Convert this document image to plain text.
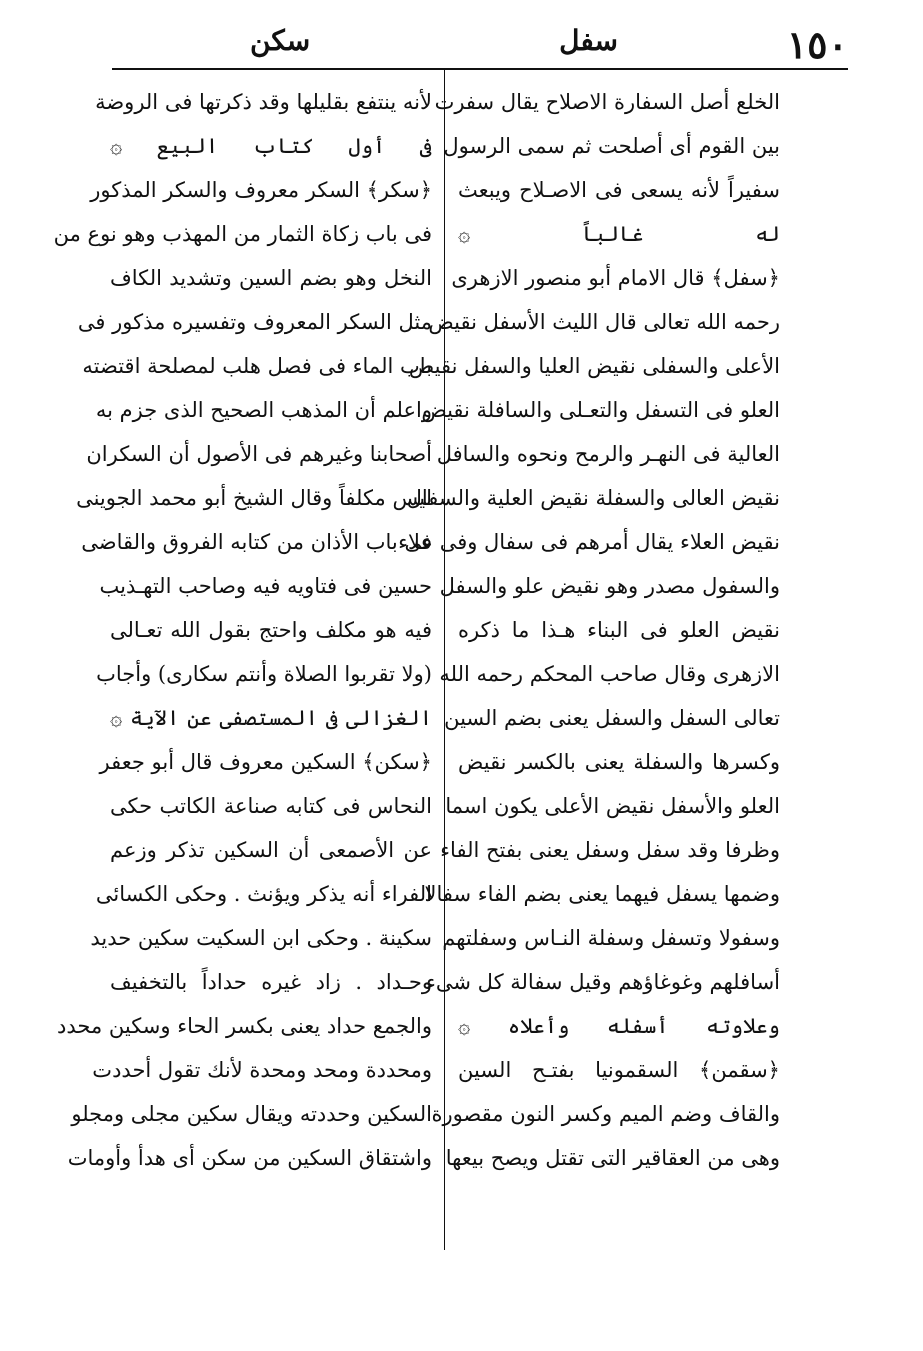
١٥٠
سفل
سكن
الخلع أصل السفارة الاصلاح يقال سفرت
بين القوم أى أصلحت ثم سمى الرسول
سفيراً لأنه يسعى فى الاصـلاح ويبعث
له غالباً ۞
﴿سفل﴾ قال الامام أبو منصور الازهرى
رحمه الله تعالى قال الليث الأسفل نقيض
الأعلى والسفلى نقيض العليا والسفل نقيض
العلو فى التسفل والتعـلى والسافلة نقيض
العالية فى النهـر والرمح ونحوه والسافل
نقيض العالى والسفلة نقيض العلية والسفال
نقيض العلاء يقال أمرهم فى سفال وفى علاء
والسفول مصدر وهو نقيض علو والسفل
نقيض العلو فى البناء هـذا ما ذكره
الازهرى وقال صاحب المحكم رحمه الله
تعالى السفل والسفل يعنى بضم السين
وكسرها والسفلة يعنى بالكسر نقيض
العلو والأسفل نقيض الأعلى يكون اسما
وظرفا وقد سفل وسفل يعنى بفتح الفاء
وضمها يسفل فيهما يعنى بضم الفاء سفالا
وسفولا وتسفل وسفلة النـاس وسفلتهم
أسافلهم وغوغاؤهم وقيل سفالة كل شىء
وعلاوته أسفله وأعلاه ۞
﴿سقمن﴾ السقمونيا بفتـح السين
والقاف وضم الميم وكسر النون مقصورة
وهى من العقاقير التى تقتل ويصح بيعها
لأنه ينتفع بقليلها وقد ذكرتها فى الروضة
فى أول كتاب البيع ۞
﴿سكر﴾ السكر معروف والسكر المذكور
فى باب زكاة الثمار من المهذب وهو نوع من
النخل وهو بضم السين وتشديد الكاف
مثل السكر المعروف وتفسيره مذكور فى
باب الماء فى فصل هلب لمصلحة اقتضته
واعلم أن المذهب الصحيح الذى جزم به
أصحابنا وغيرهم فى الأصول أن السكران
ليس مكلفاً وقال الشيخ أبو محمد الجوينى
فى باب الأذان من كتابه الفروق والقاضى
حسين فى فتاويه فيه وصاحب التهـذيب
فيه هو مكلف واحتج بقول الله تعـالى
(ولا تقربوا الصلاة وأنتم سكارى) وأجاب
الغزالى فى المستصفى عن الآية ۞
﴿سكن﴾ السكين معروف قال أبو جعفر
النحاس فى كتابه صناعة الكاتب حكى
عن الأصمعى أن السكين تذكر وزعم
الفراء أنه يذكر ويؤنث . وحكى الكسائى
سكينة . وحكى ابن السكيت سكين حديد
وحـداد . زاد غيره حداداً بالتخفيف
والجمع حداد يعنى بكسر الحاء وسكين محدد
ومحددة ومحد ومحدة لأنك تقول أحددت
السكين وحددته ويقال سكين مجلى ومجلو
واشتقاق السكين من سكن أى هدأ وأومات
